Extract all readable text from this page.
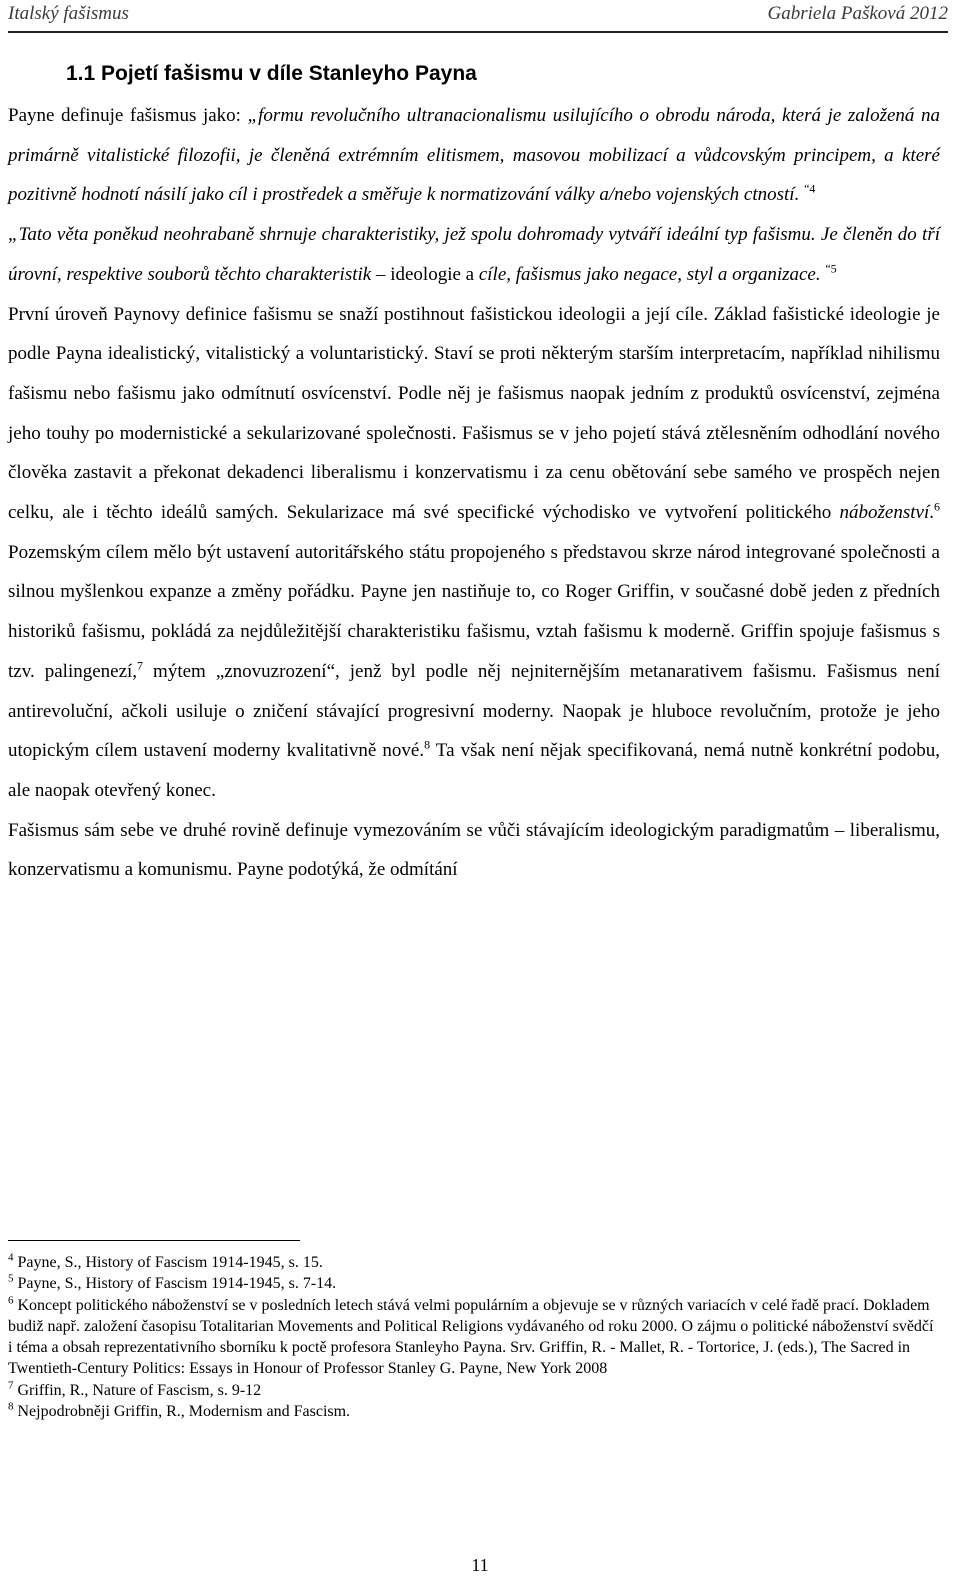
Italský fašismus	Gabriela Pašková 2012
1.1 Pojetí fašismu v díle Stanleyho Payna

Payne definuje fašismus jako: „formu revolučního ultranacionalismu usilujícího o obrodu národa, která je založená na primárně vitalistické filozofii, je členěná extrémním elitismem, masovou mobilizací a vůdcovským principem, a které pozitivně hodnotí násilí jako cíl i prostředek a směřuje k normatizování války a/nebo vojenských ctností. $^{“4}$

„Tato věta poněkud neohrabaně shrnuje charakteristiky, jež spolu dohromady vytváří ideální typ fašismu. Je členěn do tří úrovní, respektive souborů těchto charakteristik – ideologie a cíle, fašismus jako negace, styl a organizace. $^{“5}$

První úroveň Paynovy definice fašismu se snaží postihnout fašistickou ideologii a její cíle. Základ fašistické ideologie je podle Payna idealistický, vitalistický a voluntaristický. Staví se proti některým starším interpretacím, například nihilismu fašismu nebo fašismu jako odmítnutí osvícenství. Podle něj je fašismus naopak jedním z produktů osvícenství, zejména jeho touhy po modernistické a sekularizované společnosti. Fašismus se v jeho pojetí stává ztělesněním odhodlání nového člověka zastavit a překonat dekadenci liberalismu i konzervatismu i za cenu obětování sebe samého ve prospěch nejen celku, ale i těchto ideálů samých. Sekularizace má své specifické východisko ve vytvoření politického náboženství.$^6$ Pozemským cílem mělo být ustavení autoritářského státu propojeného s představou skrze národ integrované společnosti a silnou myšlenkou expanze a změny pořádku. Payne jen nastiňuje to, co Roger Griffin, v současné době jeden z předních historiků fašismu, pokládá za nejdůležitější charakteristiku fašismu, vztah fašismu k moderně. Griffin spojuje fašismus s tzv. palingenezí,$^7$ mýtem „znovuzrození“, jenž byl podle něj nejniternějším metanarativem fašismu. Fašismus není antirevoluční, ačkoli usiluje o zničení stávající progresivní moderny. Naopak je hluboce revolučním, protože je jeho utopickým cílem ustavení moderny kvalitativně nové.$^8$ Ta však není nějak specifikovaná, nemá nutně konkrétní podobu, ale naopak otevřený konec.

Fašismus sám sebe ve druhé rovině definuje vymezováním se vůči stávajícím ideologickým paradigmatům – liberalismu, konzervatismu a komunismu. Payne podotýká, že odmítání

$^4$ Payne, S., History of Fascism 1914-1945, s. 15.

$^5$ Payne, S., History of Fascism 1914-1945, s. 7-14.

$^6$ Koncept politického náboženství se v posledních letech stává velmi populárním a objevuje se v různých variacích v celé řadě prací. Dokladem budiž např. založení časopisu Totalitarian Movements and Political Religions vydávaného od roku 2000. O zájmu o politické náboženství svědčí i téma a obsah reprezentativního sborníku k poctě profesora Stanleyho Payna. Srv. Griffin, R. - Mallet, R. - Tortorice, J. (eds.), The Sacred in Twentieth-Century Politics: Essays in Honour of Professor Stanley G. Payne, New York 2008

$^7$ Griffin, R., Nature of Fascism, s. 9-12

$^8$ Nejpodrobněji Griffin, R., Modernism and Fascism.

11
